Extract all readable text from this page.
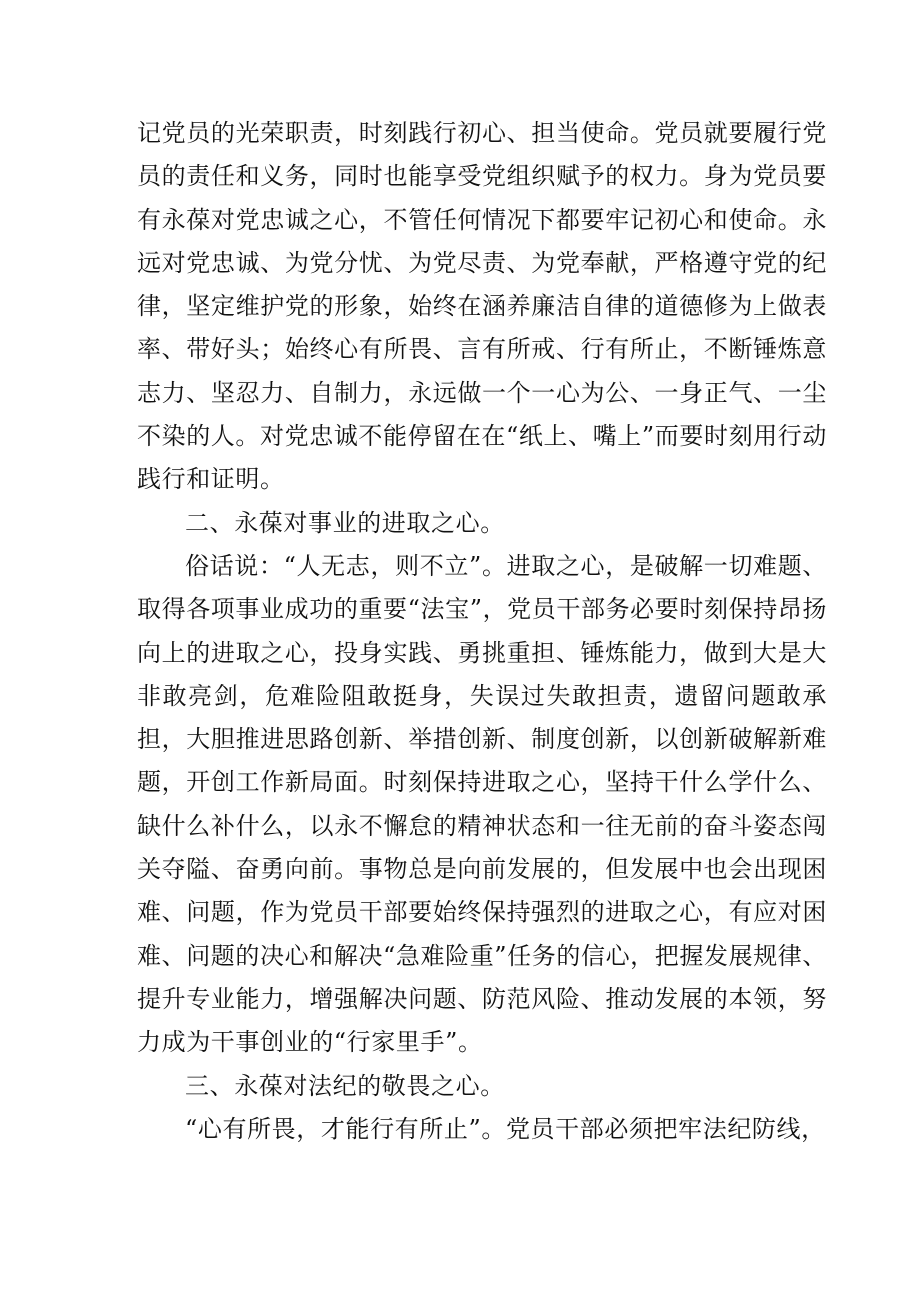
记党员的光荣职责，时刻践行初心、担当使命。党员就要履行党员的责任和义务，同时也能享受党组织赋予的权力。身为党员要有永葆对党忠诚之心，不管任何情况下都要牢记初心和使命。永远对党忠诚、为党分忧、为党尽责、为党奉献，严格遵守党的纪律，坚定维护党的形象，始终在涵养廉洁自律的道德修为上做表率、带好头；始终心有所畏、言有所戒、行有所止，不断锤炼意志力、坚忍力、自制力，永远做一个一心为公、一身正气、一尘不染的人。对党忠诚不能停留在在“纸上、嘴上”而要时刻用行动践行和证明。

二、永葆对事业的进取之心。

俗话说：“人无志，则不立”。进取之心，是破解一切难题、取得各项事业成功的重要“法宝”，党员干部务必要时刻保持昂扬向上的进取之心，投身实践、勇挑重担、锤炼能力，做到大是大非敢亮剑，危难险阻敢挺身，失误过失敢担责，遗留问题敢承担，大胆推进思路创新、举措创新、制度创新，以创新破解新难题，开创工作新局面。时刻保持进取之心，坚持干什么学什么、缺什么补什么，以永不懈怠的精神状态和一往无前的奋斗姿态闯关夺隘、奋勇向前。事物总是向前发展的，但发展中也会出现困难、问题，作为党员干部要始终保持强烈的进取之心，有应对困难、问题的决心和解决“急难险重”任务的信心，把握发展规律、提升专业能力，增强解决问题、防范风险、推动发展的本领，努力成为干事创业的“行家里手”。

三、永葆对法纪的敬畏之心。

“心有所畏，才能行有所止”。党员干部必须把牢法纪防线，
